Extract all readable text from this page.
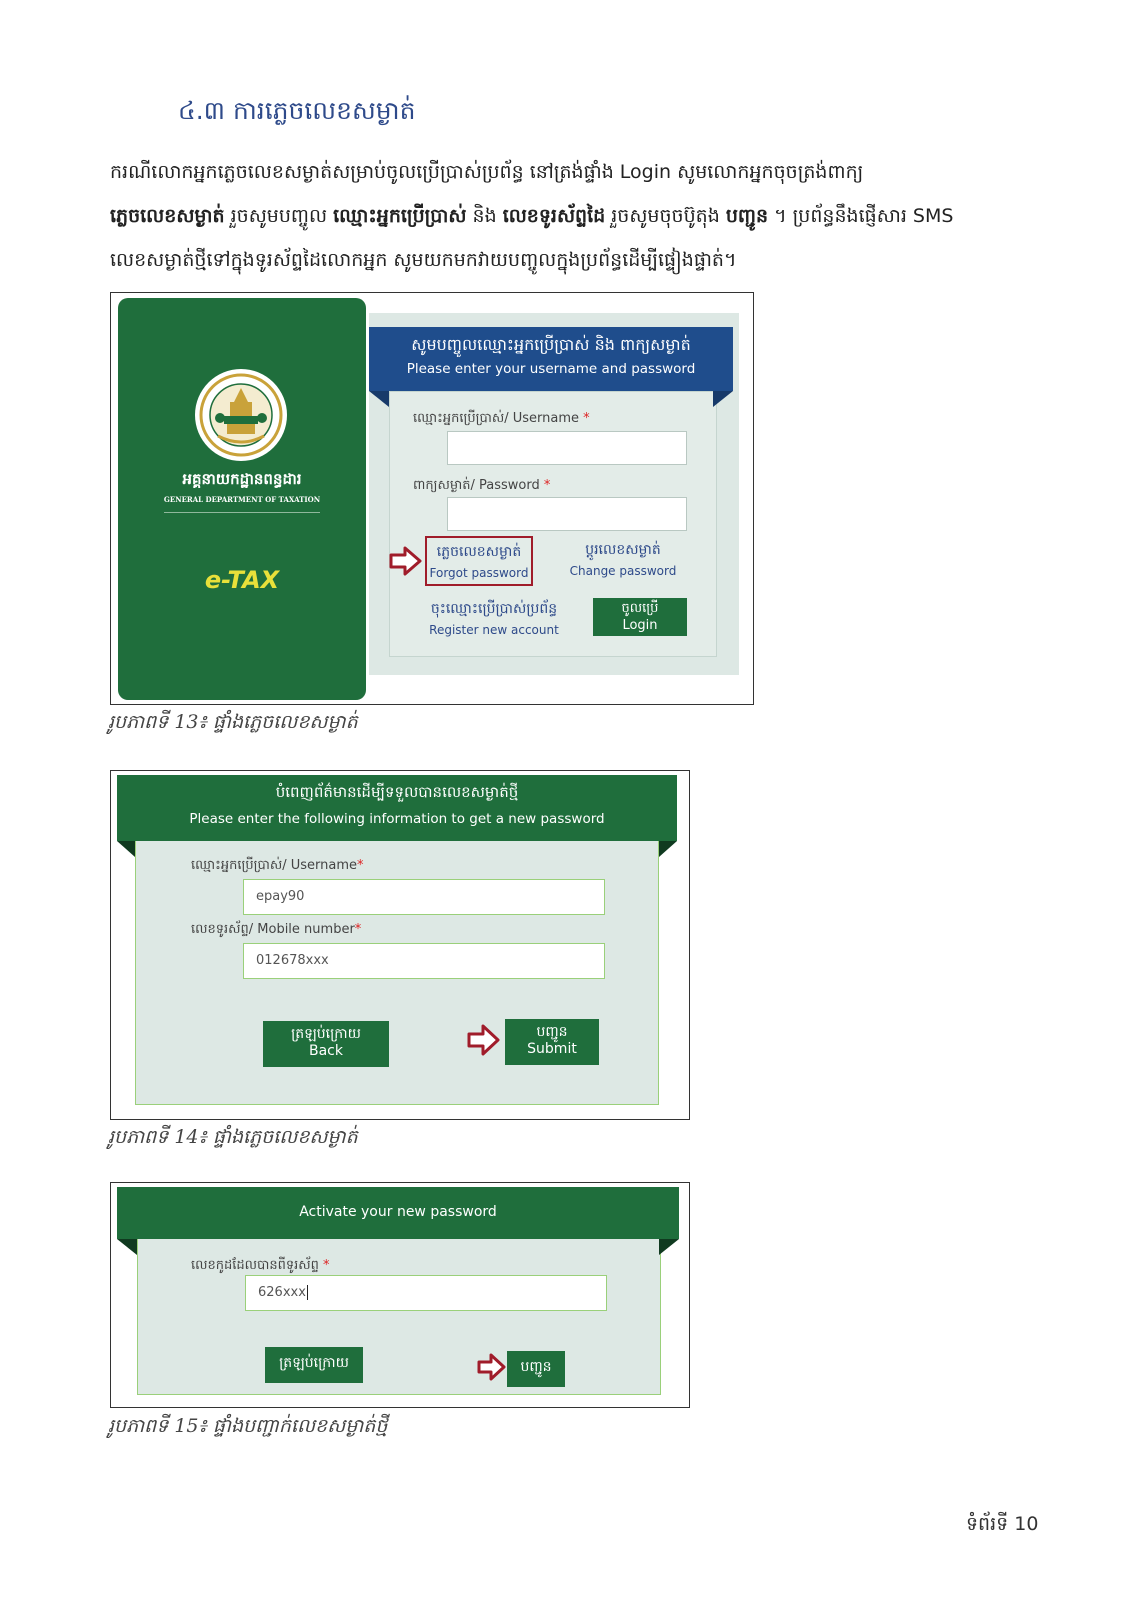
៤.៣ ការភ្លេចលេខសម្ងាត់
ករណីលោកអ្នកភ្លេចលេខសម្ងាត់សម្រាប់ចូលប្រើប្រាស់ប្រព័ន្ធ នៅត្រង់ផ្ទាំង Login សូមលោកអ្នកចុចត្រង់ពាក្យ
ភ្លេចលេខសម្ងាត់ រួចសូមបញ្ចូល ឈ្មោះអ្នកប្រើប្រាស់ និង លេខទូរស័ព្ទដៃ រួចសូមចុចប៊ូតុង បញ្ជូន ។ ប្រព័ន្ធនឹងផ្ញើសារ SMS
លេខសម្ងាត់ថ្មីទៅក្នុងទូរស័ព្ទដៃលោកអ្នក សូមយកមកវាយបញ្ចូលក្នុងប្រព័ន្ធដើម្បីផ្ទៀងផ្ទាត់។
អគ្គនាយកដ្ឋានពន្ធដារ
GENERAL DEPARTMENT OF TAXATION
e-TAX
សូមបញ្ចូលឈ្មោះអ្នកប្រើប្រាស់ និង ពាក្យសម្ងាត់
Please enter your username and password
ឈ្មោះអ្នកប្រើប្រាស់/ Username *
ពាក្យសម្ងាត់/ Password *
ភ្លេចលេខសម្ងាត់
Forgot password
ប្តូរលេខសម្ងាត់
Change password
ចុះឈ្មោះប្រើប្រាស់ប្រព័ន្ធ
Register new account
ចូលប្រើ
Login
រូបភាពទី 13៖ ផ្ទាំងភ្លេចលេខសម្ងាត់
បំពេញព័ត៌មានដើម្បីទទួលបានលេខសម្ងាត់ថ្មី
Please enter the following information to get a new password
ឈ្មោះអ្នកប្រើប្រាស់/ Username*
epay90
លេខទូរស័ព្ទ/ Mobile number*
012678xxx
ត្រឡប់ក្រោយ
Back
បញ្ជូន
Submit
រូបភាពទី 14៖ ផ្ទាំងភ្លេចលេខសម្ងាត់
Activate your new password
លេខកូដដែលបានពីទូរស័ព្ទ *
626xxx
ត្រឡប់ក្រោយ	បញ្ជូន
រូបភាពទី 15៖ ផ្ទាំងបញ្ជាក់លេខសម្ងាត់ថ្មី
ទំព័រទី 10
